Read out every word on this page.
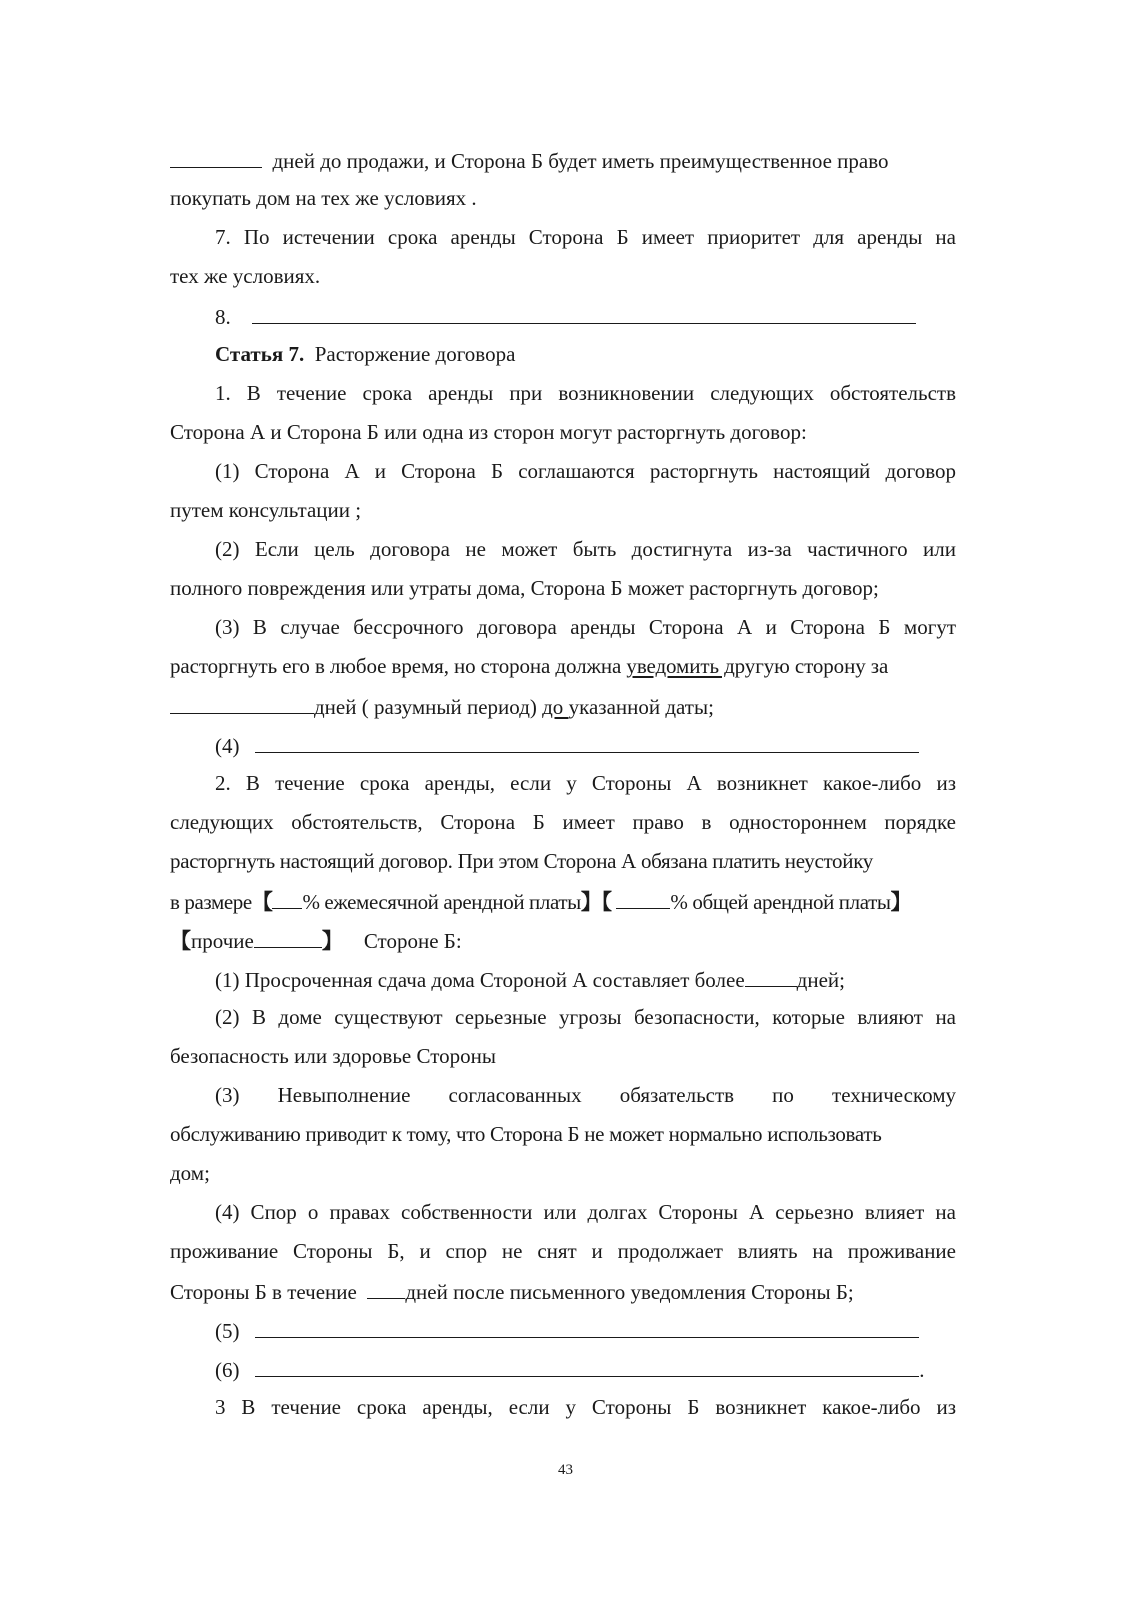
дней до продажи, и Сторона Б будет иметь преимущественное право
покупать дом на тех же условиях .
7. По истечении срока аренды Сторона Б имеет приоритет для аренды на
тех же условиях.
8.
Статья 7. Расторжение договора
1. В течение срока аренды при возникновении следующих обстоятельств
Сторона А и Сторона Б или одна из сторон могут расторгнуть договор:
(1) Сторона А и Сторона Б соглашаются расторгнуть настоящий договор
путем консультации ;
(2) Если цель договора не может быть достигнута из-за частичного или
полного повреждения или утраты дома, Сторона Б может расторгнуть договор;
(3) В случае бессрочного договора аренды Сторона А и Сторона Б могут
расторгнуть его в любое время, но сторона должна уведомить другую сторону за
дней ( разумный период) до указанной даты;
(4)
2. В течение срока аренды, если у Стороны А возникнет какое-либо из
следующих обстоятельств, Сторона Б имеет право в одностороннем порядке
расторгнуть настоящий договор. При этом Сторона А обязана платить неустойку
в размере【 % ежемесячной арендной платы】【	% общей арендной платы】
【прочие	】 Стороне Б:
(1) Просроченная сдача дома Стороной А составляет более дней;
(2) В доме существуют серьезные угрозы безопасности, которые влияют на
безопасность или здоровье Стороны
(3) Невыполнение согласованных обязательств по техническому
обслуживанию приводит к тому, что Сторона Б не может нормально использовать
дом;
(4) Спор о правах собственности или долгах Стороны А серьезно влияет на
проживание Стороны Б, и спор не снят и продолжает влиять на проживание
Стороны Б в течение дней после письменного уведомления Стороны Б;
(5)
(6)	.
3 В течение срока аренды, если у Стороны Б возникнет какое-либо из
43
